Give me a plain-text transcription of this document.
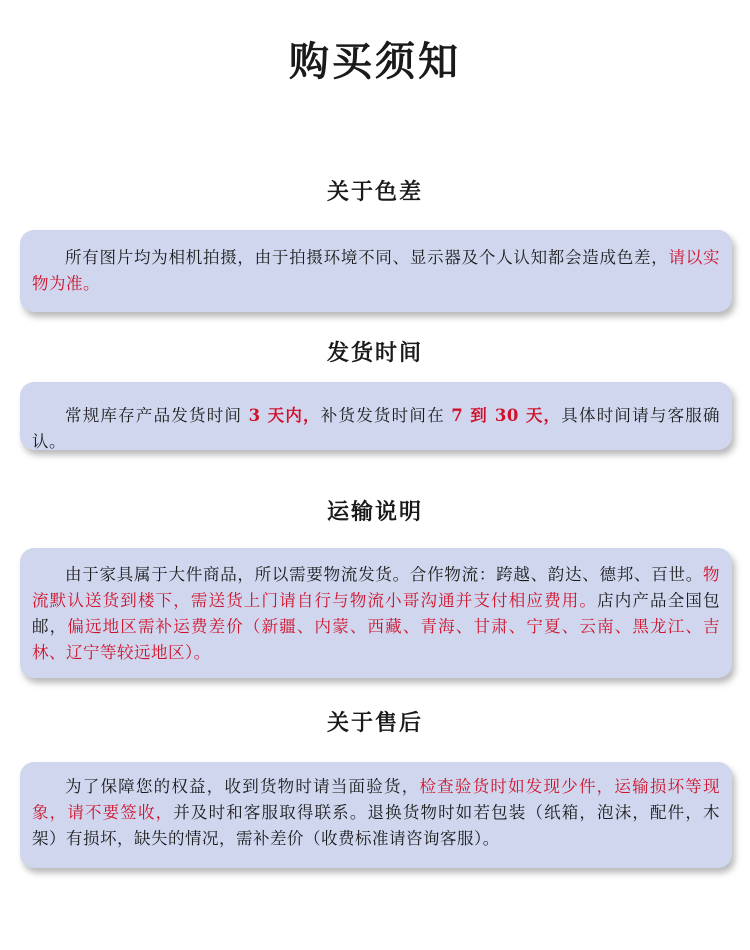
购买须知
关于色差

所有图片均为相机拍摄，由于拍摄环境不同、显示器及个人认知都会造成色差，请以实物为准。

发货时间

常规库存产品发货时间 3 天内，补货发货时间在 7 到 30 天，具体时间请与客服确认。

运输说明

由于家具属于大件商品，所以需要物流发货。合作物流：跨越、韵达、德邦、百世。物流默认送货到楼下，需送货上门请自行与物流小哥沟通并支付相应费用。店内产品全国包邮，偏远地区需补运费差价（新疆、内蒙、西藏、青海、甘肃、宁夏、云南、黑龙江、吉林、辽宁等较远地区）。

关于售后

为了保障您的权益，收到货物时请当面验货，检查验货时如发现少件，运输损坏等现象，请不要签收，并及时和客服取得联系。退换货物时如若包装（纸箱，泡沫，配件，木架）有损坏，缺失的情况，需补差价（收费标准请咨询客服）。
